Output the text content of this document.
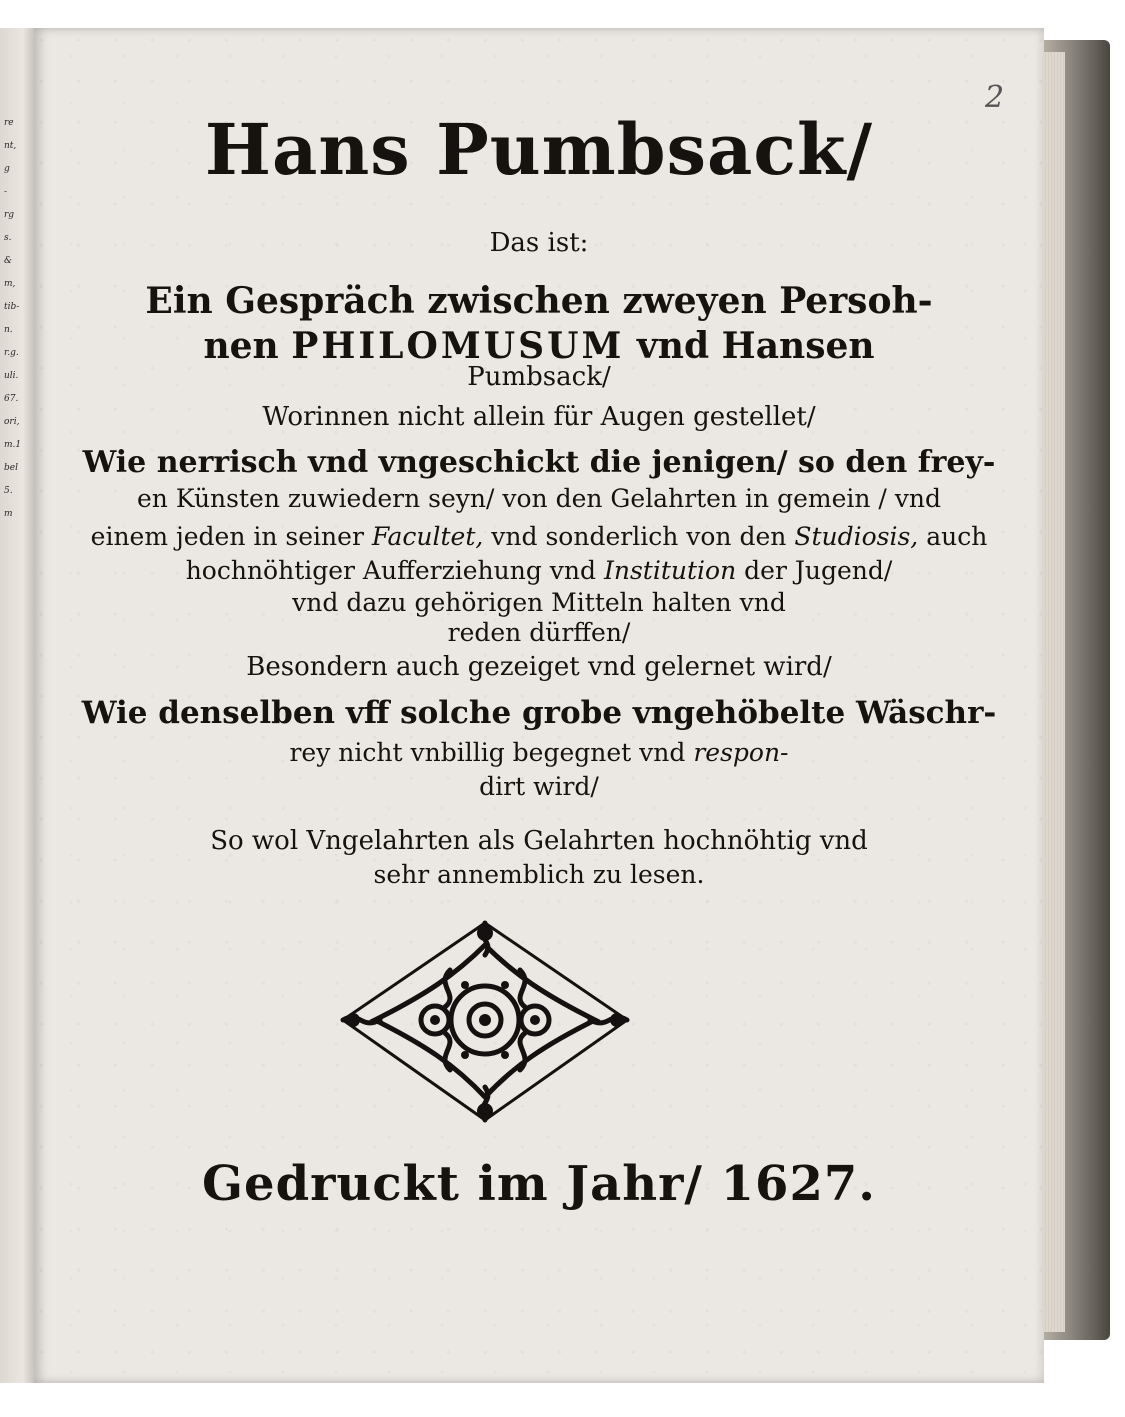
re
nt,
g
-
rg
s.
&
m,
tib-
n.
r.g.
uli.
67.
ori,
m.1
bel
5.
m
2
Hans Pumbsack/
Das ist:
Ein Gespräch zwischen zweyen Persoh-
nen PHILOMUSUM vnd Hansen
Pumbsack/
Worinnen nicht allein für Augen gestellet/
Wie nerrisch vnd vngeschickt die jenigen/ so den frey-
en Künsten zuwiedern seyn/ von den Gelahrten in gemein / vnd
einem jeden in seiner Facultet, vnd sonderlich von den Studiosis, auch
hochnöhtiger Aufferziehung vnd Institution der Jugend/
vnd dazu gehörigen Mitteln halten vnd
reden dürffen/
Besondern auch gezeiget vnd gelernet wird/
Wie denselben vff solche grobe vngehöbelte Wäschr-
rey nicht vnbillig begegnet vnd respon-
dirt wird/
So wol Vngelahrten als Gelahrten hochnöhtig vnd
sehr annemblich zu lesen.
Gedruckt im Jahr/ 1627.
